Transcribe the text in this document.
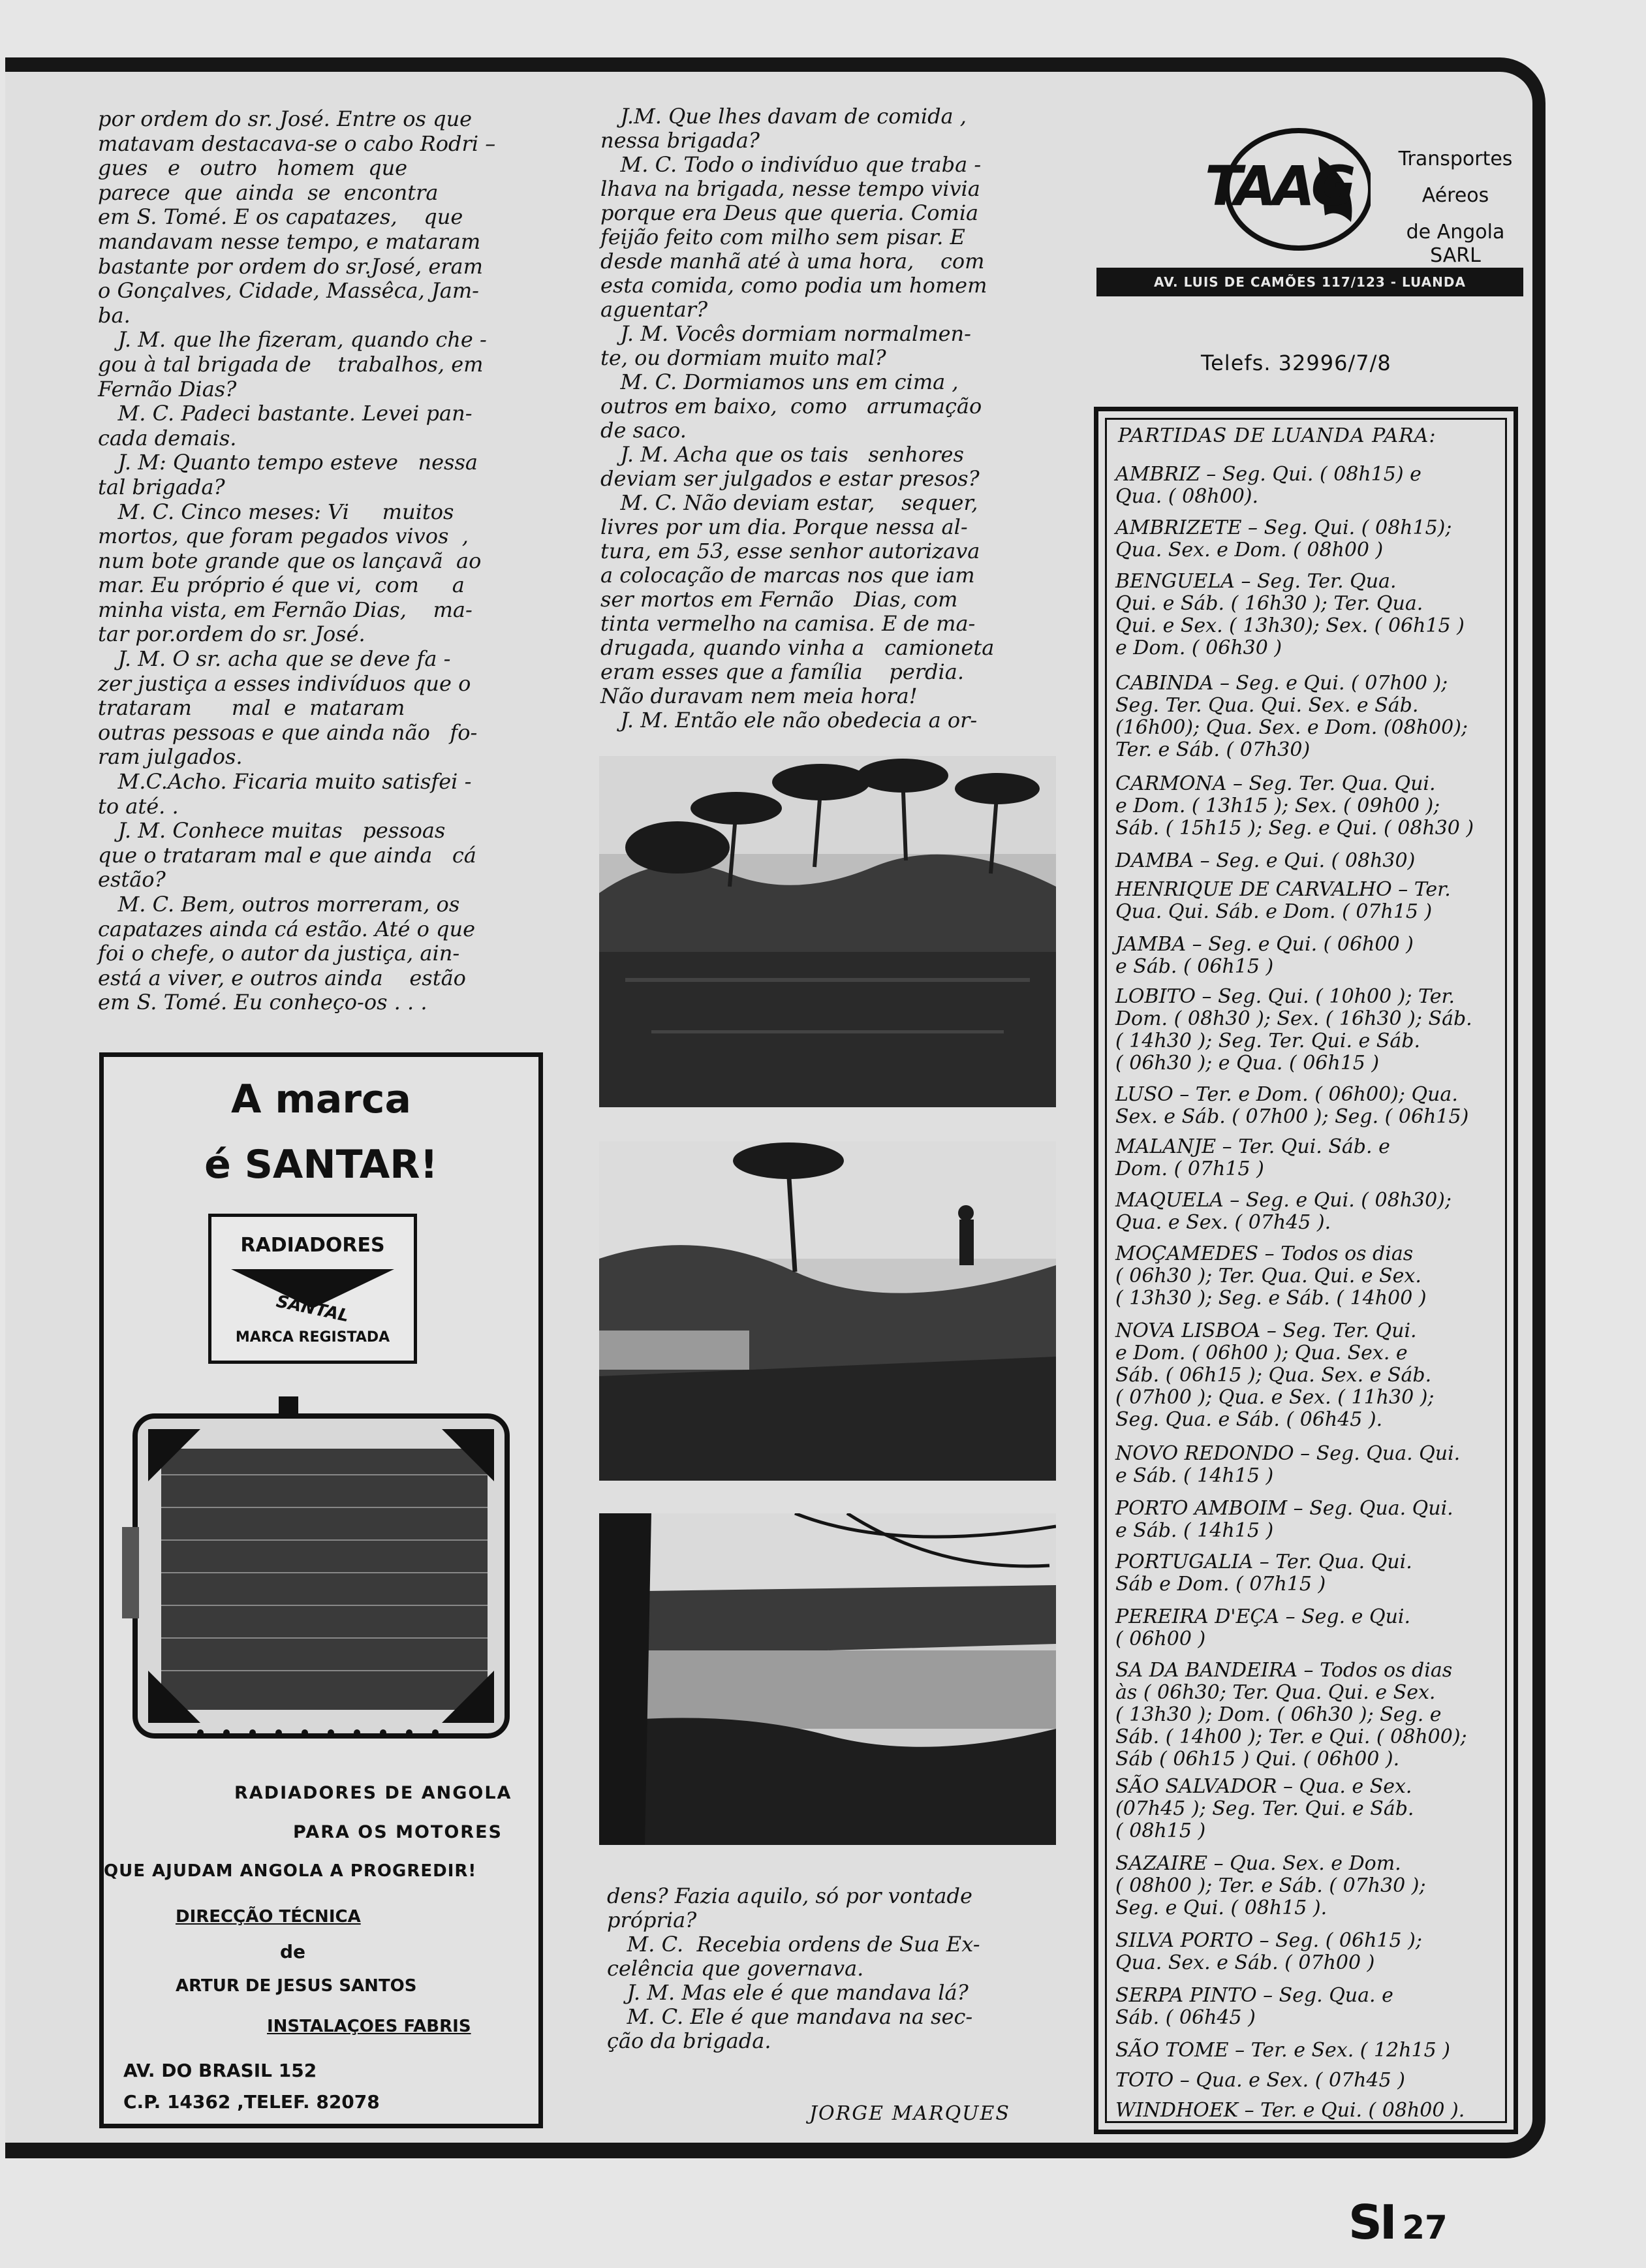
por ordem do sr. José. Entre os que
matavam destacava-se o cabo Rodri –
gues   e   outro   homem  que
parece  que  ainda  se  encontra
em S. Tomé. E os capatazes,    que
mandavam nesse tempo, e mataram
bastante por ordem do sr.José, eram
o Gonçalves, Cidade, Massêca, Jam-
ba.
J. M. que lhe fizeram, quando che -
gou à tal brigada de    trabalhos, em
Fernão Dias?
M. C. Padeci bastante. Levei pan-
cada demais.
J. M: Quanto tempo esteve   nessa
tal brigada?
M. C. Cinco meses: Vi     muitos
mortos, que foram pegados vivos  ,
num bote grande que os lançavã  ao
mar. Eu próprio é que vi,  com     a
minha vista, em Fernão Dias,    ma-
tar por.ordem do sr. José.
J. M. O sr. acha que se deve fa -
zer justiça a esses indivíduos que o
trataram      mal  e  mataram
outras pessoas e que ainda não   fo-
ram julgados.
M.C.Acho. Ficaria muito satisfei -
to até. .
J. M. Conhece muitas   pessoas
que o trataram mal e que ainda   cá
estão?
M. C. Bem, outros morreram, os
capatazes ainda cá estão. Até o que
foi o chefe, o autor da justiça, ain-
está a viver, e outros ainda    estão
em S. Tomé. Eu conheço-os . . .
J.M. Que lhes davam de comida ,
nessa brigada?
M. C. Todo o indivíduo que traba -
lhava na brigada, nesse tempo vivia
porque era Deus que queria. Comia
feijão feito com milho sem pisar. E
desde manhã até à uma hora,    com
esta comida, como podia um homem
aguentar?
J. M. Vocês dormiam normalmen-
te, ou dormiam muito mal?
M. C. Dormiamos uns em cima ,
outros em baixo,  como   arrumação
de saco.
J. M. Acha que os tais   senhores
deviam ser julgados e estar presos?
M. C. Não deviam estar,    sequer,
livres por um dia. Porque nessa al-
tura, em 53, esse senhor autorizava
a colocação de marcas nos que iam
ser mortos em Fernão   Dias, com
tinta vermelho na camisa. E de ma-
drugada, quando vinha a   camioneta
eram esses que a família    perdia.
Não duravam nem meia hora!
J. M. Então ele não obedecia a or-
dens? Fazia aquilo, só por vontade
própria?
M. C.  Recebia ordens de Sua Ex-
celência que governava.
J. M. Mas ele é que mandava lá?
M. C. Ele é que mandava na sec-
ção da brigada.
JORGE MARQUES
A marca
é SANTAR!
RADIADORES
SANTAL
MARCA REGISTADA
RADIADORES DE ANGOLA
PARA OS MOTORES
QUE AJUDAM ANGOLA A PROGREDIR!
DIRECÇÃO TÉCNICA
de
ARTUR DE JESUS SANTOS
INSTALAÇOES FABRIS
AV. DO BRASIL 152
C.P. 14362 ,TELEF. 82078
TAAG	Transportes
Aéreos
de Angola
SARL
AV. LUIS DE CAMÕES 117/123 - LUANDA
Telefs. 32996/7/8
PARTIDAS DE LUANDA PARA:
AMBRIZ – Seg. Qui. ( 08h15) e
Qua. ( 08h00).
AMBRIZETE – Seg. Qui. ( 08h15);
Qua. Sex. e Dom. ( 08h00 )
BENGUELA – Seg. Ter. Qua.
Qui. e Sáb. ( 16h30 ); Ter. Qua.
Qui. e Sex. ( 13h30); Sex. ( 06h15 )
e Dom. ( 06h30 )
CABINDA – Seg. e Qui. ( 07h00 );
Seg. Ter. Qua. Qui. Sex. e Sáb.
(16h00); Qua. Sex. e Dom. (08h00);
Ter. e Sáb. ( 07h30)
CARMONA – Seg. Ter. Qua. Qui.
e Dom. ( 13h15 ); Sex. ( 09h00 );
Sáb. ( 15h15 ); Seg. e Qui. ( 08h30 )
DAMBA – Seg. e Qui. ( 08h30)
HENRIQUE DE CARVALHO – Ter.
Qua. Qui. Sáb. e Dom. ( 07h15 )
JAMBA – Seg. e Qui. ( 06h00 )
e Sáb. ( 06h15 )
LOBITO – Seg. Qui. ( 10h00 ); Ter.
Dom. ( 08h30 ); Sex. ( 16h30 ); Sáb.
( 14h30 ); Seg. Ter. Qui. e Sáb.
( 06h30 ); e Qua. ( 06h15 )
LUSO – Ter. e Dom. ( 06h00); Qua.
Sex. e Sáb. ( 07h00 ); Seg. ( 06h15)
MALANJE – Ter. Qui. Sáb. e
Dom. ( 07h15 )
MAQUELA – Seg. e Qui. ( 08h30);
Qua. e Sex. ( 07h45 ).
MOÇAMEDES – Todos os dias
( 06h30 ); Ter. Qua. Qui. e Sex.
( 13h30 ); Seg. e Sáb. ( 14h00 )
NOVA LISBOA – Seg. Ter. Qui.
e Dom. ( 06h00 ); Qua. Sex. e
Sáb. ( 06h15 ); Qua. Sex. e Sáb.
( 07h00 ); Qua. e Sex. ( 11h30 );
Seg. Qua. e Sáb. ( 06h45 ).
NOVO REDONDO – Seg. Qua. Qui.
e Sáb. ( 14h15 )
PORTO AMBOIM – Seg. Qua. Qui.
e Sáb. ( 14h15 )
PORTUGALIA – Ter. Qua. Qui.
Sáb e Dom. ( 07h15 )
PEREIRA D'EÇA – Seg. e Qui.
( 06h00 )
SA DA BANDEIRA – Todos os dias
às ( 06h30; Ter. Qua. Qui. e Sex.
( 13h30 ); Dom. ( 06h30 ); Seg. e
Sáb. ( 14h00 ); Ter. e Qui. ( 08h00);
Sáb ( 06h15 ) Qui. ( 06h00 ).
SÃO SALVADOR – Qua. e Sex.
(07h45 ); Seg. Ter. Qui. e Sáb.
( 08h15 )
SAZAIRE – Qua. Sex. e Dom.
( 08h00 ); Ter. e Sáb. ( 07h30 );
Seg. e Qui. ( 08h15 ).
SILVA PORTO – Seg. ( 06h15 );
Qua. Sex. e Sáb. ( 07h00 )
SERPA PINTO – Seg. Qua. e
Sáb. ( 06h45 )
SÃO TOME – Ter. e Sex. ( 12h15 )
TOTO – Qua. e Sex. ( 07h45 )
WINDHOEK – Ter. e Qui. ( 08h00 ).
SI 27
